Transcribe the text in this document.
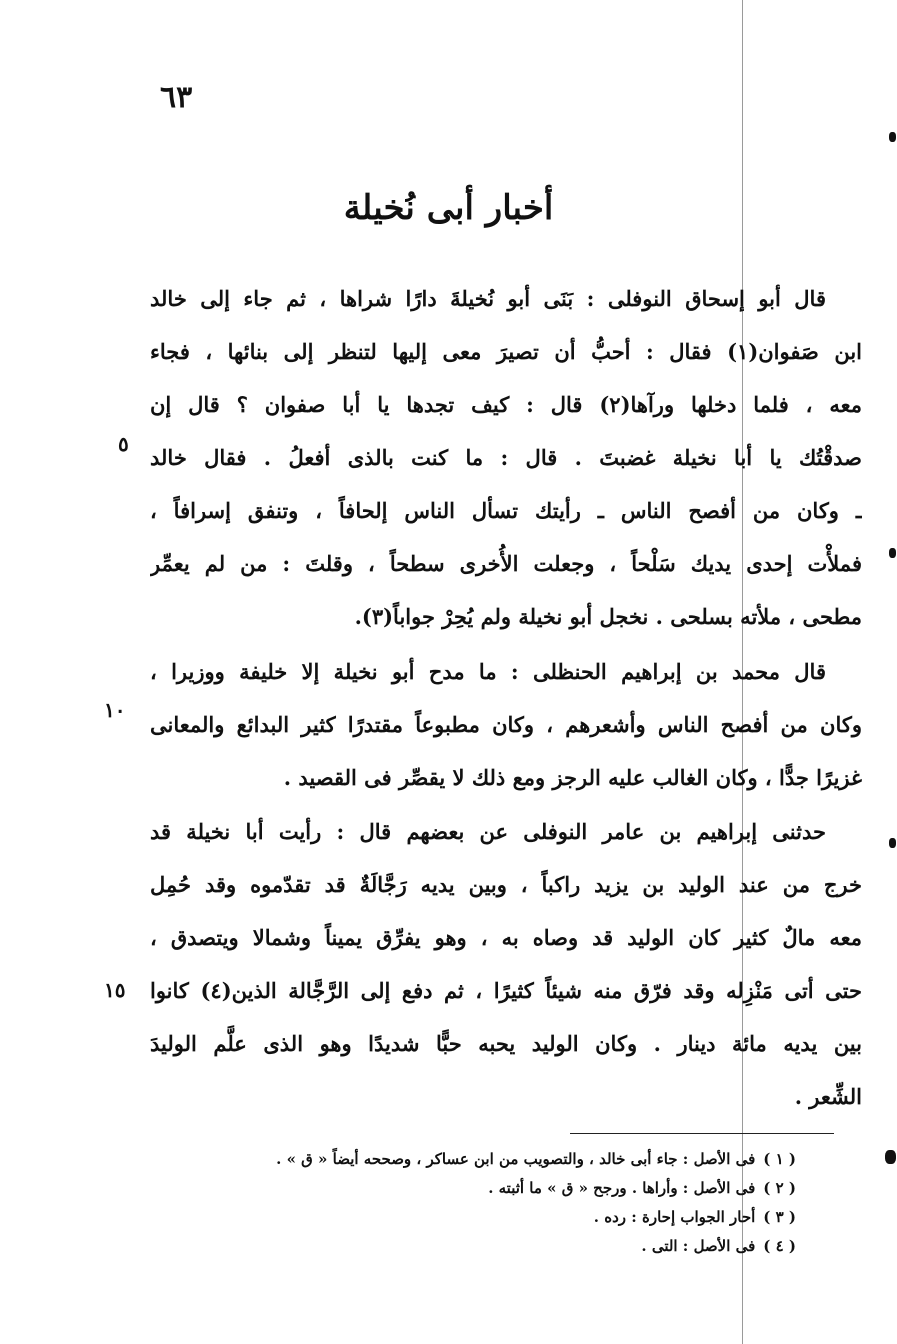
٦٣
أخبار أبى نُخيلة
قال أبو إسحاق النوفلى : بَنَى أبو نُخيلةَ دارًا شراها ، ثم جاء إلى خالد
ابن صَفوان(١) فقال : أحبُّ أن تصيرَ معى إليها لتنظر إلى بنائها ، فجاء
معه ، فلما دخلها ورآها(٢) قال : كيف تجدها يا أبا صفوان ؟ قال إن
صدقْتُك يا أبا نخيلة غضبتَ . قال : ما كنت بالذى أفعلُ . فقال خالد
ـ وكان من أفصح الناس ـ رأيتك تسأل الناس إلحافاً ، وتنفق إسرافاً ،
فملأْت إحدى يديك سَلْحاً ، وجعلت الأُخرى سطحاً ، وقلتَ : من لم يعمِّر
مطحى ، ملأته بسلحى . نخجل أبو نخيلة ولم يُحِرْ جواباً(٣).
قال محمد بن إبراهيم الحنظلى : ما مدح أبو نخيلة إلا خليفة ووزيرا ،
وكان من أفصح الناس وأشعرهم ، وكان مطبوعاً مقتدرًا كثير البدائع والمعانى
غزيرًا جدًّا ، وكان الغالب عليه الرجز ومع ذلك لا يقصِّر فى القصيد .
حدثنى إبراهيم بن عامر النوفلى عن بعضهم قال : رأيت أبا نخيلة قد
خرج من عند الوليد بن يزيد راكباً ، وبين يديه رَجَّالَةٌ قد تقدّموه وقد حُمِل
معه مالٌ كثير كان الوليد قد وصاه به ، وهو يفرِّق يميناً وشمالا ويتصدق ،
حتى أتى مَنْزِله وقد فرّق منه شيئاً كثيرًا ، ثم دفع إلى الرَّجَّالة الذين(٤) كانوا
بين يديه مائة دينار . وكان الوليد يحبه حبًّا شديدًا وهو الذى علَّم الوليدَ
الشِّعر .
٥
١٠
١٥
( ١ )فى الأصل : جاء أبى خالد ، والتصويب من ابن عساكر ، وصححه أيضاً « ق » .
( ٢ )فى الأصل : وأراها . ورجح « ق » ما أثبته .
( ٣ )أحار الجواب إحارة : رده .
( ٤ )فى الأصل : التى .
